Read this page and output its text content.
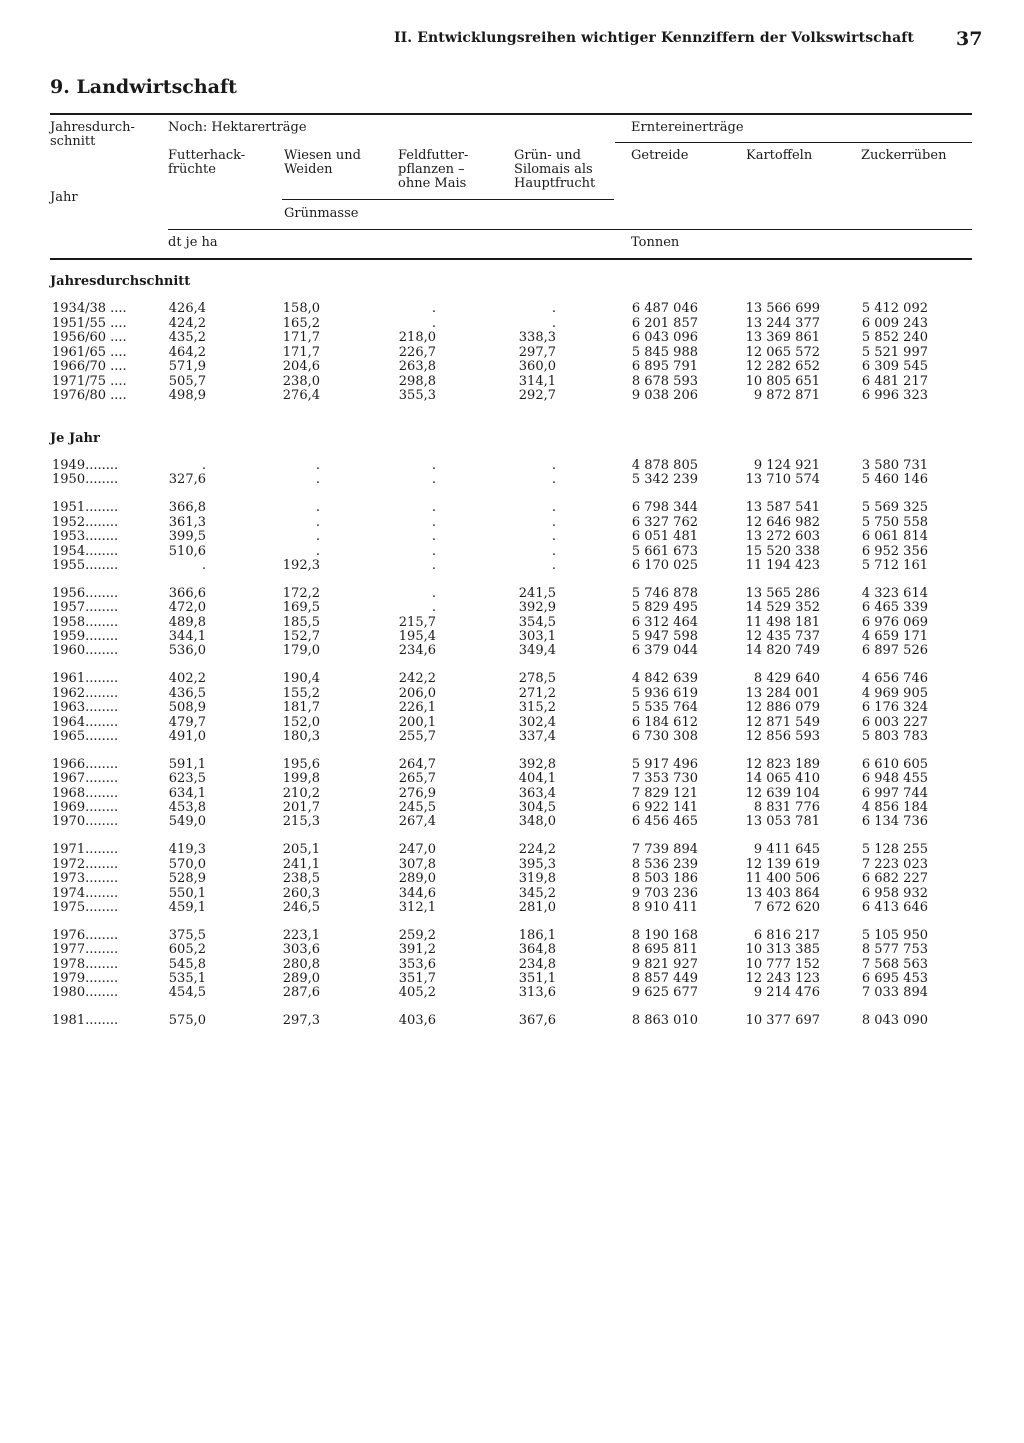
II. Entwicklungsreihen wichtiger Kennziffern der Volkswirtschaft 37
9. Landwirtschaft
Jahresdurch-
schnitt
Jahr
Noch: Hektarerträge	Erntereinerträge
Futterhack-
früchte
Wiesen und
Weiden
Feldfutter-
pflanzen –
ohne Mais
Grün- und
Silomais als
Hauptfrucht
Getreide	Kartoffeln	Zuckerrüben
Grünmasse
dt je ha	Tonnen
Jahresdurchschnitt
Je Jahr
1934/38 ....	426,4	158,0	.	.	6 487 046	13 566 699	5 412 092
1951/55 ....	424,2	165,2	.	.	6 201 857	13 244 377	6 009 243
1956/60 ....	435,2	171,7	218,0	338,3	6 043 096	13 369 861	5 852 240
1961/65 ....	464,2	171,7	226,7	297,7	5 845 988	12 065 572	5 521 997
1966/70 ....	571,9	204,6	263,8	360,0	6 895 791	12 282 652	6 309 545
1971/75 ....	505,7	238,0	298,8	314,1	8 678 593	10 805 651	6 481 217
1976/80 ....	498,9	276,4	355,3	292,7	9 038 206	9 872 871	6 996 323
1949........	.	.	.	.	4 878 805	9 124 921	3 580 731
1950........	327,6	.	.	.	5 342 239	13 710 574	5 460 146
1951........	366,8	.	.	.	6 798 344	13 587 541	5 569 325
1952........	361,3	.	.	.	6 327 762	12 646 982	5 750 558
1953........	399,5	.	.	.	6 051 481	13 272 603	6 061 814
1954........	510,6	.	.	.	5 661 673	15 520 338	6 952 356
1955........	.	192,3	.	.	6 170 025	11 194 423	5 712 161
1956........	366,6	172,2	.	241,5	5 746 878	13 565 286	4 323 614
1957........	472,0	169,5	.	392,9	5 829 495	14 529 352	6 465 339
1958........	489,8	185,5	215,7	354,5	6 312 464	11 498 181	6 976 069
1959........	344,1	152,7	195,4	303,1	5 947 598	12 435 737	4 659 171
1960........	536,0	179,0	234,6	349,4	6 379 044	14 820 749	6 897 526
1961........	402,2	190,4	242,2	278,5	4 842 639	8 429 640	4 656 746
1962........	436,5	155,2	206,0	271,2	5 936 619	13 284 001	4 969 905
1963........	508,9	181,7	226,1	315,2	5 535 764	12 886 079	6 176 324
1964........	479,7	152,0	200,1	302,4	6 184 612	12 871 549	6 003 227
1965........	491,0	180,3	255,7	337,4	6 730 308	12 856 593	5 803 783
1966........	591,1	195,6	264,7	392,8	5 917 496	12 823 189	6 610 605
1967........	623,5	199,8	265,7	404,1	7 353 730	14 065 410	6 948 455
1968........	634,1	210,2	276,9	363,4	7 829 121	12 639 104	6 997 744
1969........	453,8	201,7	245,5	304,5	6 922 141	8 831 776	4 856 184
1970........	549,0	215,3	267,4	348,0	6 456 465	13 053 781	6 134 736
1971........	419,3	205,1	247,0	224,2	7 739 894	9 411 645	5 128 255
1972........	570,0	241,1	307,8	395,3	8 536 239	12 139 619	7 223 023
1973........	528,9	238,5	289,0	319,8	8 503 186	11 400 506	6 682 227
1974........	550,1	260,3	344,6	345,2	9 703 236	13 403 864	6 958 932
1975........	459,1	246,5	312,1	281,0	8 910 411	7 672 620	6 413 646
1976........	375,5	223,1	259,2	186,1	8 190 168	6 816 217	5 105 950
1977........	605,2	303,6	391,2	364,8	8 695 811	10 313 385	8 577 753
1978........	545,8	280,8	353,6	234,8	9 821 927	10 777 152	7 568 563
1979........	535,1	289,0	351,7	351,1	8 857 449	12 243 123	6 695 453
1980........	454,5	287,6	405,2	313,6	9 625 677	9 214 476	7 033 894
1981........	575,0	297,3	403,6	367,6	8 863 010	10 377 697	8 043 090
